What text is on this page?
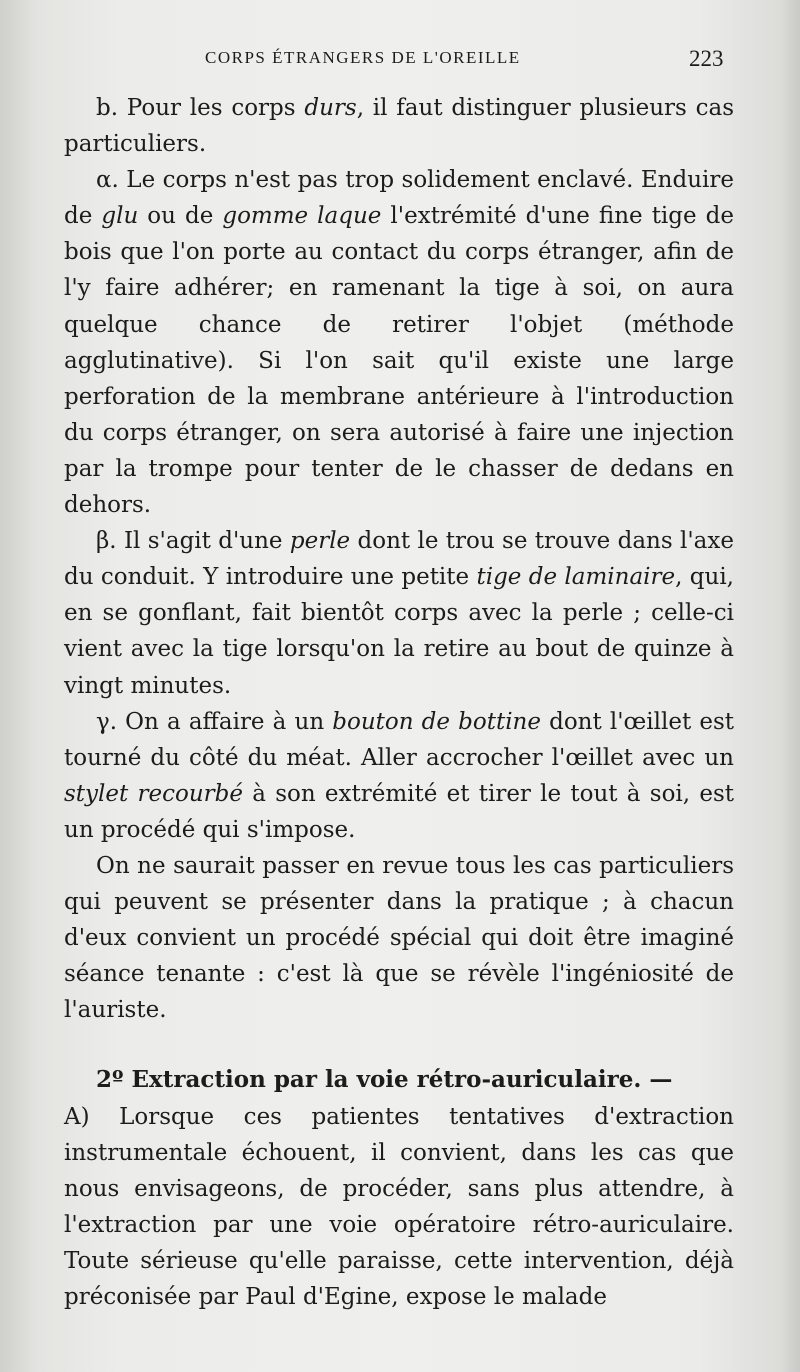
CORPS ÉTRANGERS DE L'OREILLE	223

b. Pour les corps durs, il faut distinguer plusieurs cas particuliers.

α. Le corps n'est pas trop solidement enclavé. Enduire de glu ou de gomme laque l'extrémité d'une fine tige de bois que l'on porte au contact du corps étranger, afin de l'y faire adhérer; en ramenant la tige à soi, on aura quelque chance de retirer l'objet (méthode agglutinative). Si l'on sait qu'il existe une large perforation de la membrane antérieure à l'introduction du corps étranger, on sera autorisé à faire une injection par la trompe pour tenter de le chasser de dedans en dehors.

β. Il s'agit d'une perle dont le trou se trouve dans l'axe du conduit. Y introduire une petite tige de laminaire, qui, en se gonflant, fait bientôt corps avec la perle ; celle-ci vient avec la tige lorsqu'on la retire au bout de quinze à vingt minutes.

γ. On a affaire à un bouton de bottine dont l'œillet est tourné du côté du méat. Aller accrocher l'œillet avec un stylet recourbé à son extrémité et tirer le tout à soi, est un procédé qui s'impose.

On ne saurait passer en revue tous les cas particuliers qui peuvent se présenter dans la pratique ; à chacun d'eux convient un procédé spécial qui doit être imaginé séance tenante : c'est là que se révèle l'ingéniosité de l'auriste.

2º Extraction par la voie rétro-auriculaire. —

A) Lorsque ces patientes tentatives d'extraction instrumentale échouent, il convient, dans les cas que nous envisageons, de procéder, sans plus attendre, à l'extraction par une voie opératoire rétro-auriculaire. Toute sérieuse qu'elle paraisse, cette intervention, déjà préconisée par Paul d'Egine, expose le malade
